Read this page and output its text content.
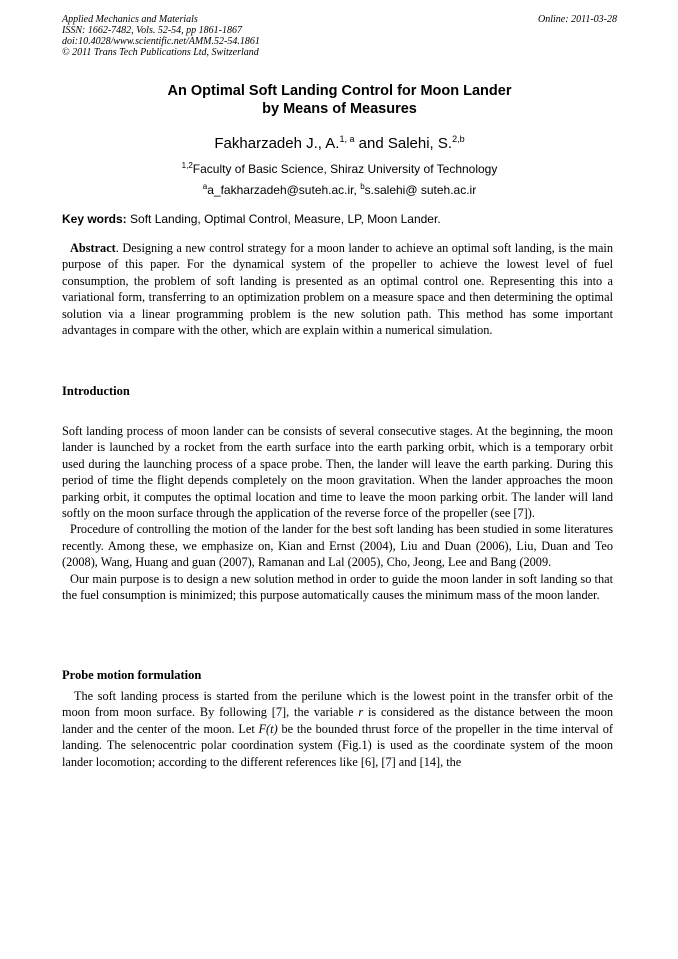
Applied Mechanics and Materials
ISSN: 1662-7482, Vols. 52-54, pp 1861-1867
doi:10.4028/www.scientific.net/AMM.52-54.1861
© 2011 Trans Tech Publications Ltd, Switzerland
Online: 2011-03-28
An Optimal Soft Landing Control for Moon Lander
by Means of Measures
Fakharzadeh J., A.$^{1, a}$ and Salehi, S.$^{2,b}$
$^{1,2}$Faculty of Basic Science, Shiraz University of Technology
$^a$a_fakharzadeh@suteh.ac.ir, $^b$s.salehi@ suteh.ac.ir
Key words: Soft Landing, Optimal Control, Measure, LP, Moon Lander.

Abstract. Designing a new control strategy for a moon lander to achieve an optimal soft landing, is the main purpose of this paper. For the dynamical system of the propeller to achieve the lowest level of fuel consumption, the problem of soft landing is presented as an optimal control one. Representing this into a variational form, transferring to an optimization problem on a measure space and then determining the optimal solution via a linear programming problem is the new solution path. This method has some important advantages in compare with the other, which are explain within a numerical simulation.

Introduction

Soft landing process of moon lander can be consists of several consecutive stages. At the beginning, the moon lander is launched by a rocket from the earth surface into the earth parking orbit, which is a temporary orbit used during the launching process of a space probe. Then, the lander will leave the earth parking. During this period of time the flight depends completely on the moon gravitation. When the lander approaches the moon parking orbit, it computes the optimal location and time to leave the moon parking orbit. The lander will land softly on the moon surface through the application of the reverse force of the propeller (see [7]).

Procedure of controlling the motion of the lander for the best soft landing has been studied in some literatures recently. Among these, we emphasize on, Kian and Ernst (2004), Liu and Duan (2006), Liu, Duan and Teo (2008), Wang, Huang and guan (2007), Ramanan and Lal (2005), Cho, Jeong, Lee and Bang (2009.

Our main purpose is to design a new solution method in order to guide the moon lander in soft landing so that the fuel consumption is minimized; this purpose automatically causes the minimum mass of the moon lander.

Probe motion formulation

The soft landing process is started from the perilune which is the lowest point in the transfer orbit of the moon from moon surface. By following [7], the variable r is considered as the distance between the moon lander and the center of the moon. Let F(t) be the bounded thrust force of the propeller in the time interval of landing. The selenocentric polar coordination system (Fig.1) is used as the coordinate system of the moon lander locomotion; according to the different references like [6], [7] and [14], the
